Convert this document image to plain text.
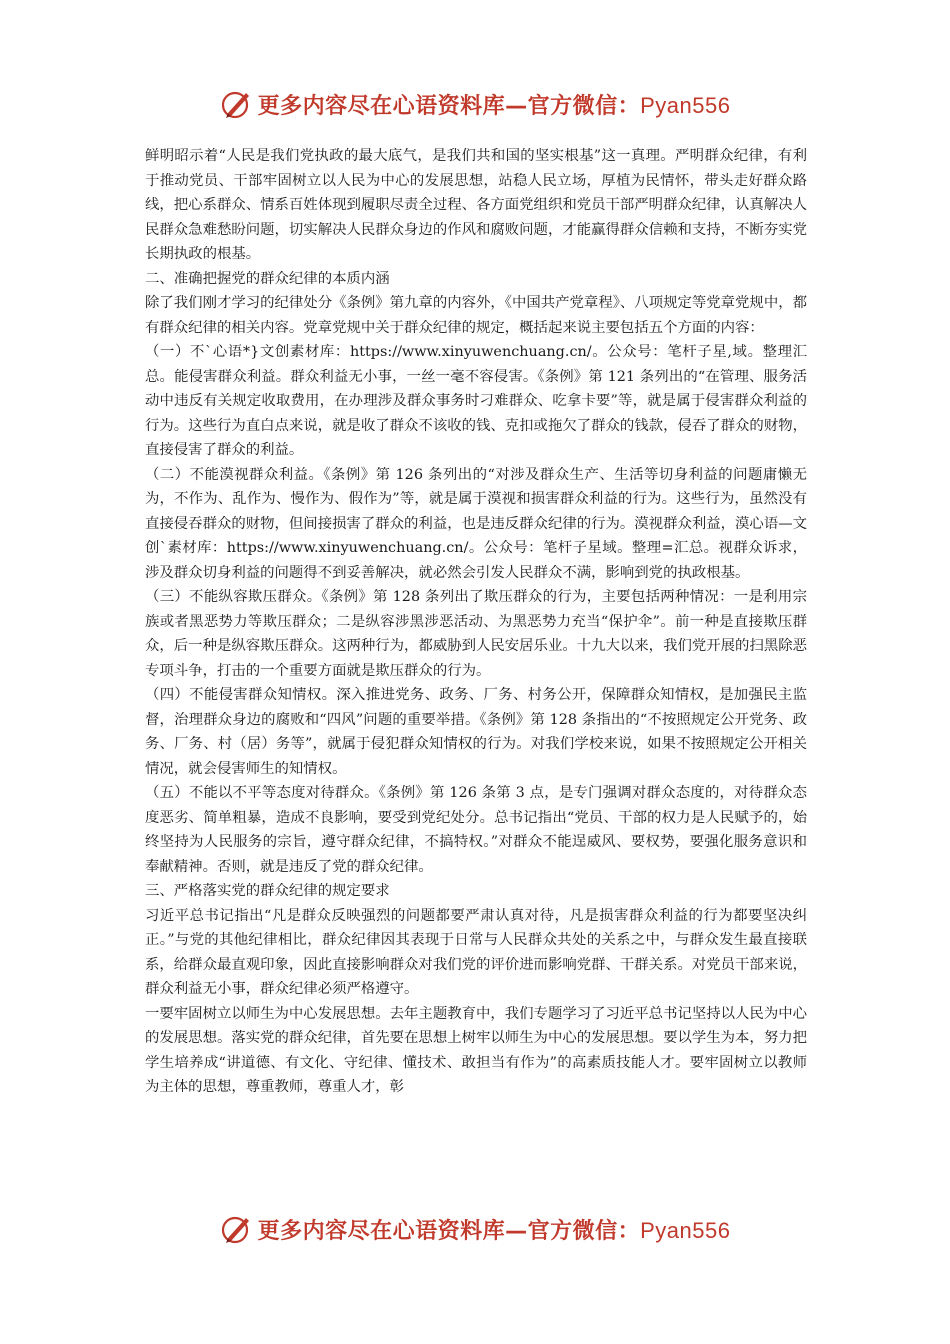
更多内容尽在心语资料库—官方微信：Pyan556

鲜明昭示着“人民是我们党执政的最大底气，是我们共和国的坚实根基”这一真理。严明群众纪律，有利于推动党员、干部牢固树立以人民为中心的发展思想，站稳人民立场，厚植为民情怀，带头走好群众路线，把心系群众、情系百姓体现到履职尽责全过程、各方面党组织和党员干部严明群众纪律，认真解决人民群众急难愁盼问题，切实解决人民群众身边的作风和腐败问题，才能赢得群众信赖和支持，不断夯实党长期执政的根基。

二、准确把握党的群众纪律的本质内涵

除了我们刚才学习的纪律处分《条例》第九章的内容外，《中国共产党章程》、八项规定等党章党规中，都有群众纪律的相关内容。党章党规中关于群众纪律的规定，概括起来说主要包括五个方面的内容：

（一）不`心语*}文创素材库：https://www.xinyuwenchuang.cn/。公众号：笔杆子星,域。整理汇总。能侵害群众利益。群众利益无小事，一丝一毫不容侵害。《条例》第 121 条列出的“在管理、服务活动中违反有关规定收取费用，在办理涉及群众事务时刁难群众、吃拿卡要”等，就是属于侵害群众利益的行为。这些行为直白点来说，就是收了群众不该收的钱、克扣或拖欠了群众的钱款，侵吞了群众的财物，直接侵害了群众的利益。

（二）不能漠视群众利益。《条例》第 126 条列出的“对涉及群众生产、生活等切身利益的问题庸懒无为，不作为、乱作为、慢作为、假作为”等，就是属于漠视和损害群众利益的行为。这些行为，虽然没有直接侵吞群众的财物，但间接损害了群众的利益，也是违反群众纪律的行为。漠视群众利益，漠心语—文创`素材库：https://www.xinyuwenchuang.cn/。公众号：笔杆子星域。整理=汇总。视群众诉求，涉及群众切身利益的问题得不到妥善解决，就必然会引发人民群众不满，影响到党的执政根基。

（三）不能纵容欺压群众。《条例》第 128 条列出了欺压群众的行为，主要包括两种情况：一是利用宗族或者黑恶势力等欺压群众；二是纵容涉黑涉恶活动、为黑恶势力充当“保护伞”。前一种是直接欺压群众，后一种是纵容欺压群众。这两种行为，都威胁到人民安居乐业。十九大以来，我们党开展的扫黑除恶专项斗争，打击的一个重要方面就是欺压群众的行为。

（四）不能侵害群众知情权。深入推进党务、政务、厂务、村务公开，保障群众知情权，是加强民主监督，治理群众身边的腐败和“四风”问题的重要举措。《条例》第 128 条指出的“不按照规定公开党务、政务、厂务、村（居）务等”，就属于侵犯群众知情权的行为。对我们学校来说，如果不按照规定公开相关情况，就会侵害师生的知情权。

（五）不能以不平等态度对待群众。《条例》第 126 条第 3 点，是专门强调对群众态度的，对待群众态度恶劣、简单粗暴，造成不良影响，要受到党纪处分。总书记指出“党员、干部的权力是人民赋予的，始终坚持为人民服务的宗旨，遵守群众纪律，不搞特权。”对群众不能逞威风、要权势，要强化服务意识和奉献精神。否则，就是违反了党的群众纪律。

三、严格落实党的群众纪律的规定要求

习近平总书记指出“凡是群众反映强烈的问题都要严肃认真对待，凡是损害群众利益的行为都要坚决纠正。”与党的其他纪律相比，群众纪律因其表现于日常与人民群众共处的关系之中，与群众发生最直接联系，给群众最直观印象，因此直接影响群众对我们党的评价进而影响党群、干群关系。对党员干部来说，群众利益无小事，群众纪律必须严格遵守。

一要牢固树立以师生为中心发展思想。去年主题教育中，我们专题学习了习近平总书记坚持以人民为中心的发展思想。落实党的群众纪律，首先要在思想上树牢以师生为中心的发展思想。要以学生为本，努力把学生培养成“讲道德、有文化、守纪律、懂技术、敢担当有作为”的高素质技能人才。要牢固树立以教师为主体的思想，尊重教师，尊重人才，彰

更多内容尽在心语资料库—官方微信：Pyan556
